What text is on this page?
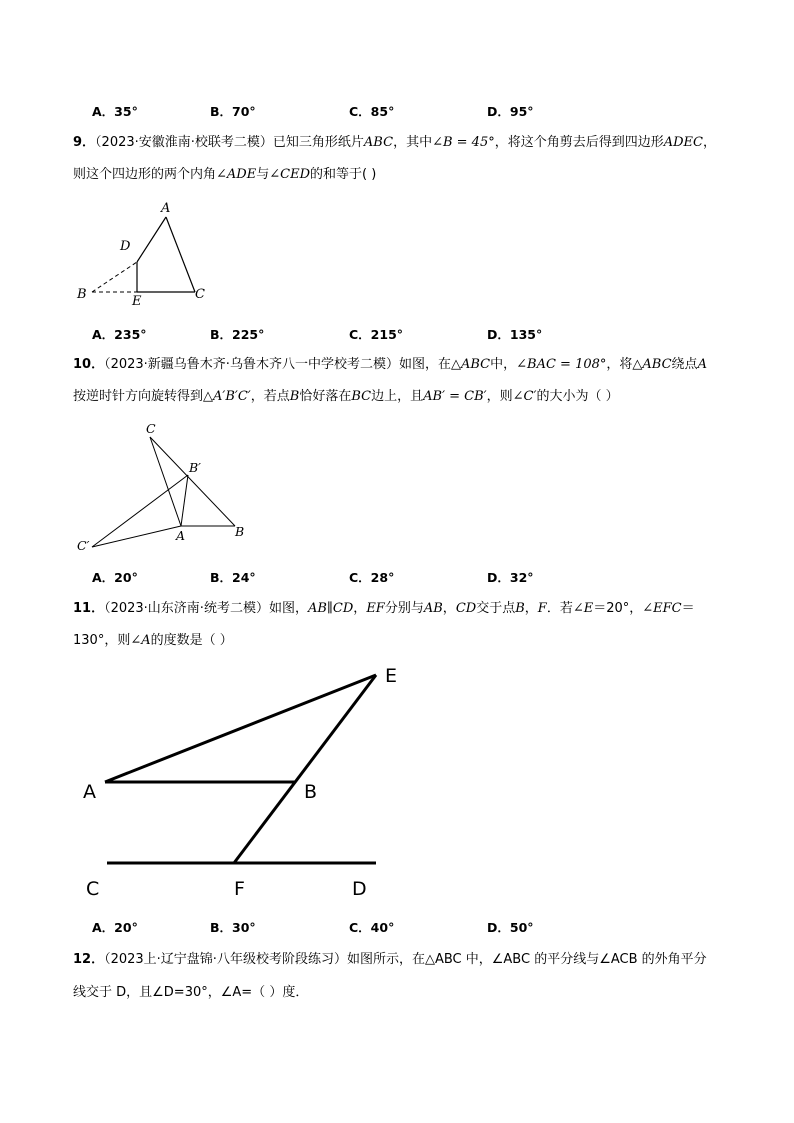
A．35°	B．70°	C．85°	D．95°
9．（2023·安徽淮南·校联考二模）已知三角形纸片ABC，其中∠B = 45°，将这个角剪去后得到四边形ADEC，
则这个四边形的两个内角∠ADE与∠CED的和等于( )
A
D
B	E	C
C
B′
A	B
C′
E
A	B
C	F	D
A．235°	B．225°	C．215°	D．135°
10．（2023·新疆乌鲁木齐·乌鲁木齐八一中学校考二模）如图，在△ABC中，∠BAC = 108°，将△ABC绕点A
按逆时针方向旋转得到△A′B′C′，若点B恰好落在BC边上，且AB′ = CB′，则∠C′的大小为（ ）
A．20°	B．24°	C．28°	D．32°
11．（2023·山东济南·统考二模）如图，AB∥CD，EF分别与AB，CD交于点B，F．若∠E＝20°，∠EFC＝
130°，则∠A的度数是（ ）
A．20°	B．30°	C．40°	D．50°
12．（2023上·辽宁盘锦·八年级校考阶段练习）如图所示，在△ABC 中，∠ABC 的平分线与∠ACB 的外角平分
线交于 D，且∠D=30°，∠A=（ ）度．
